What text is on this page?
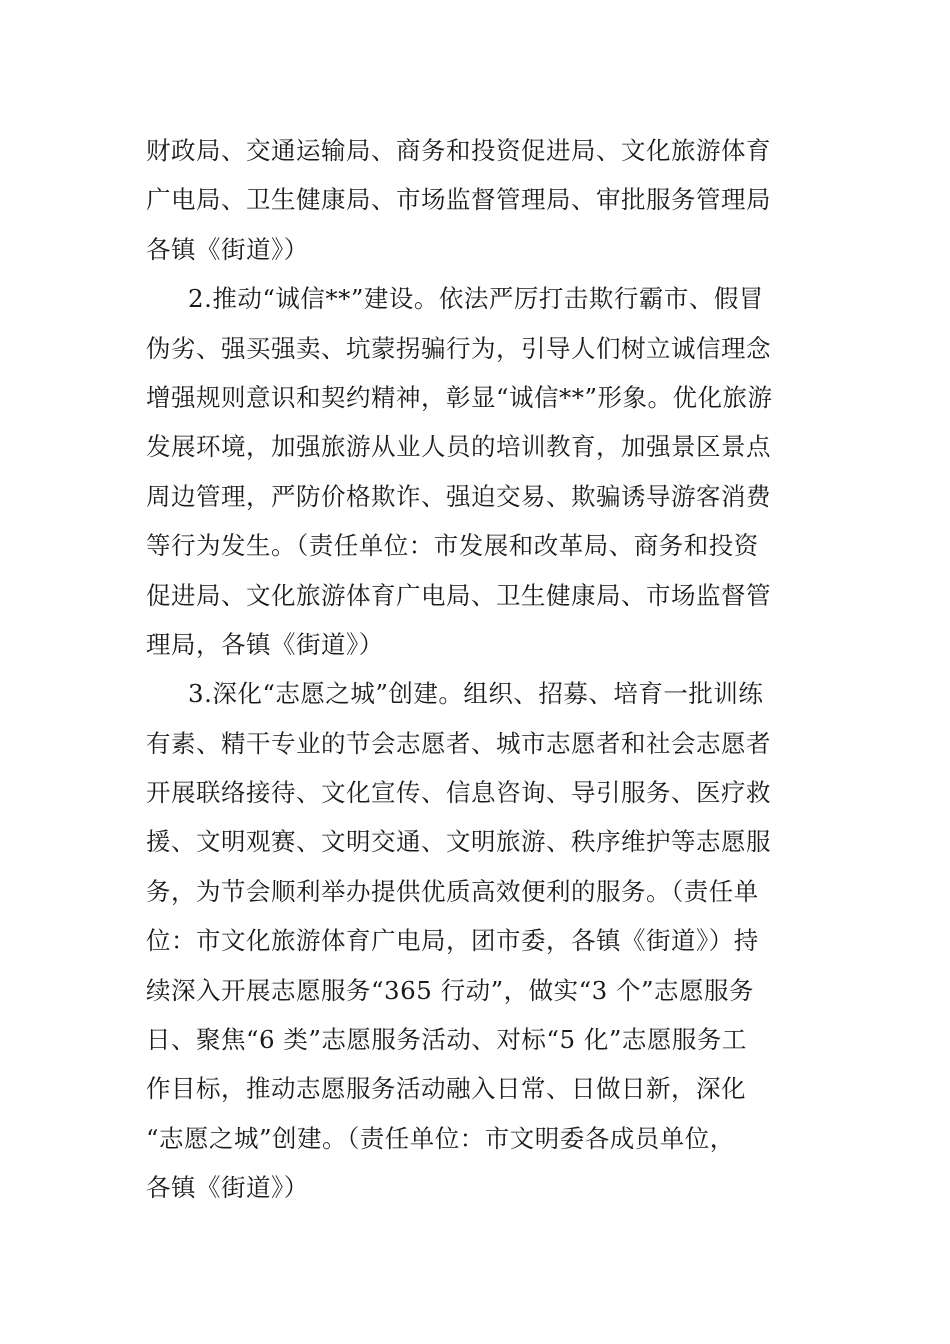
财政局、交通运输局、商务和投资促进局、文化旅游体育
广电局、卫生健康局、市场监督管理局、审批服务管理局
各镇《街道》）
2.推动“诚信**”建设。依法严厉打击欺行霸市、假冒
伪劣、强买强卖、坑蒙拐骗行为，引导人们树立诚信理念
增强规则意识和契约精神，彰显“诚信**”形象。优化旅游
发展环境，加强旅游从业人员的培训教育，加强景区景点
周边管理，严防价格欺诈、强迫交易、欺骗诱导游客消费
等行为发生。（责任单位：市发展和改革局、商务和投资
促进局、文化旅游体育广电局、卫生健康局、市场监督管
理局，各镇《街道》）
3.深化“志愿之城”创建。组织、招募、培育一批训练
有素、精干专业的节会志愿者、城市志愿者和社会志愿者
开展联络接待、文化宣传、信息咨询、导引服务、医疗救
援、文明观赛、文明交通、文明旅游、秩序维护等志愿服
务，为节会顺利举办提供优质高效便利的服务。（责任单
位：市文化旅游体育广电局，团市委，各镇《街道》）持
续深入开展志愿服务“365 行动”，做实“3 个”志愿服务
日、聚焦“6 类”志愿服务活动、对标“5 化”志愿服务工
作目标，推动志愿服务活动融入日常、日做日新，深化
“志愿之城”创建。（责任单位：市文明委各成员单位，
各镇《街道》）
